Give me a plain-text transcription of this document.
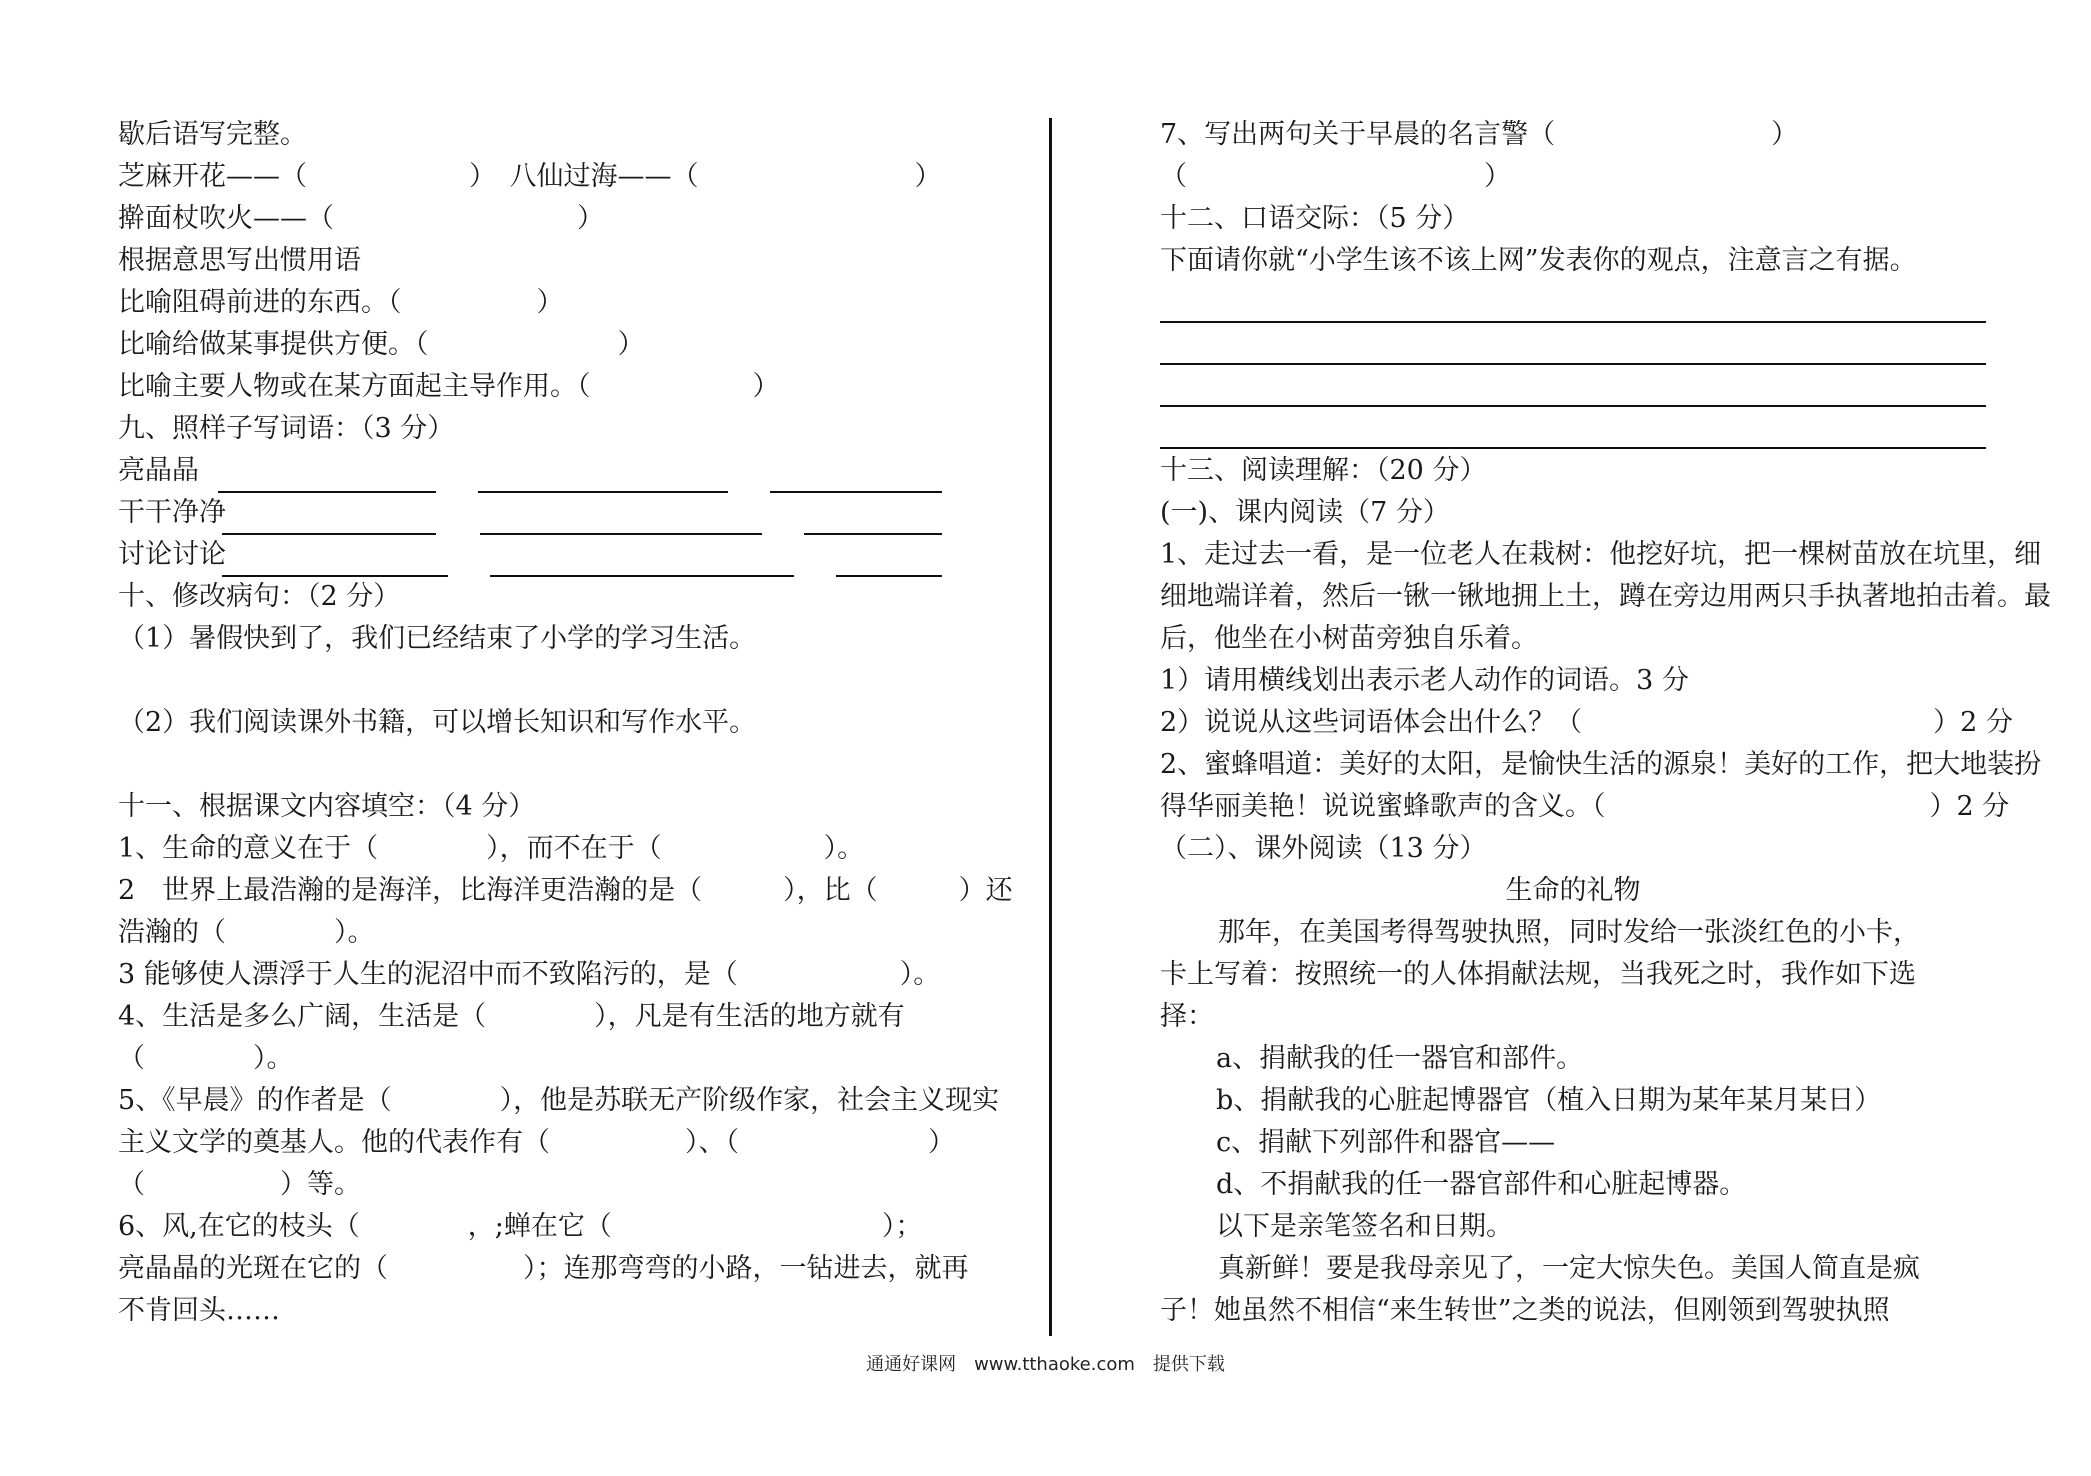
歇后语写完整。
芝麻开花——（　　　　　　）　八仙过海——（　　　　　　　　）
擀面杖吹火——（　　　　　　　　　）
根据意思写出惯用语
比喻阻碍前进的东西。（　　　　　）
比喻给做某事提供方便。（　　　　　　　）
比喻主要人物或在某方面起主导作用。（　　　　　　）
九、照样子写词语：（3 分）
亮晶晶
干干净净
讨论讨论
十、修改病句：（2 分）
（1）暑假快到了，我们已经结束了小学的学习生活。
（2）我们阅读课外书籍，可以增长知识和写作水平。
十一、根据课文内容填空：（4 分）
1、生命的意义在于（　　　　），而不在于（　　　　　　）。
2　世界上最浩瀚的是海洋，比海洋更浩瀚的是（　　　），比（　　　）还
浩瀚的（　　　　）。
3 能够使人漂浮于人生的泥沼中而不致陷污的，是（　　　　　　）。
4、生活是多么广阔，生活是（　　　　），凡是有生活的地方就有
（　　　　）。
5、《早晨》的作者是（　　　　），他是苏联无产阶级作家，社会主义现实
主义文学的奠基人。他的代表作有（　　　　　）、（　　　　　　　）
（　　　　　）等。
6、风,在它的枝头（　　　　，;蝉在它（　　　　　　　　　　）；
亮晶晶的光斑在它的（　　　　　）；连那弯弯的小路，一钻进去，就再
不肯回头……
7、写出两句关于早晨的名言警（　　　　　　　　）
（　　　　　　　　　　　）
十二、口语交际：（5 分）
下面请你就“小学生该不该上网”发表你的观点，注意言之有据。
十三、阅读理解：（20 分）
(一)、课内阅读（7 分）
1、走过去一看，是一位老人在栽树：他挖好坑，把一棵树苗放在坑里，细
细地端详着，然后一锹一锹地拥上土，蹲在旁边用两只手执著地拍击着。最
后，他坐在小树苗旁独自乐着。
1）请用横线划出表示老人动作的词语。3 分
2）说说从这些词语体会出什么？（　　　　　　　　　　　　　）2 分
2、蜜蜂唱道：美好的太阳，是愉快生活的源泉！美好的工作，把大地装扮
得华丽美艳！说说蜜蜂歌声的含义。（　　　　　　　　　　　　）2 分
（二）、课外阅读（13 分）
生命的礼物
那年，在美国考得驾驶执照，同时发给一张淡红色的小卡，
卡上写着：按照统一的人体捐献法规，当我死之时，我作如下选
择：
a、捐献我的任一器官和部件。
b、捐献我的心脏起博器官（植入日期为某年某月某日）
c、捐献下列部件和器官——
d、不捐献我的任一器官部件和心脏起博器。
以下是亲笔签名和日期。
真新鲜！要是我母亲见了，一定大惊失色。美国人简直是疯
子！她虽然不相信“来生转世”之类的说法，但刚领到驾驶执照
通通好课网　www.tthaoke.com　提供下载
